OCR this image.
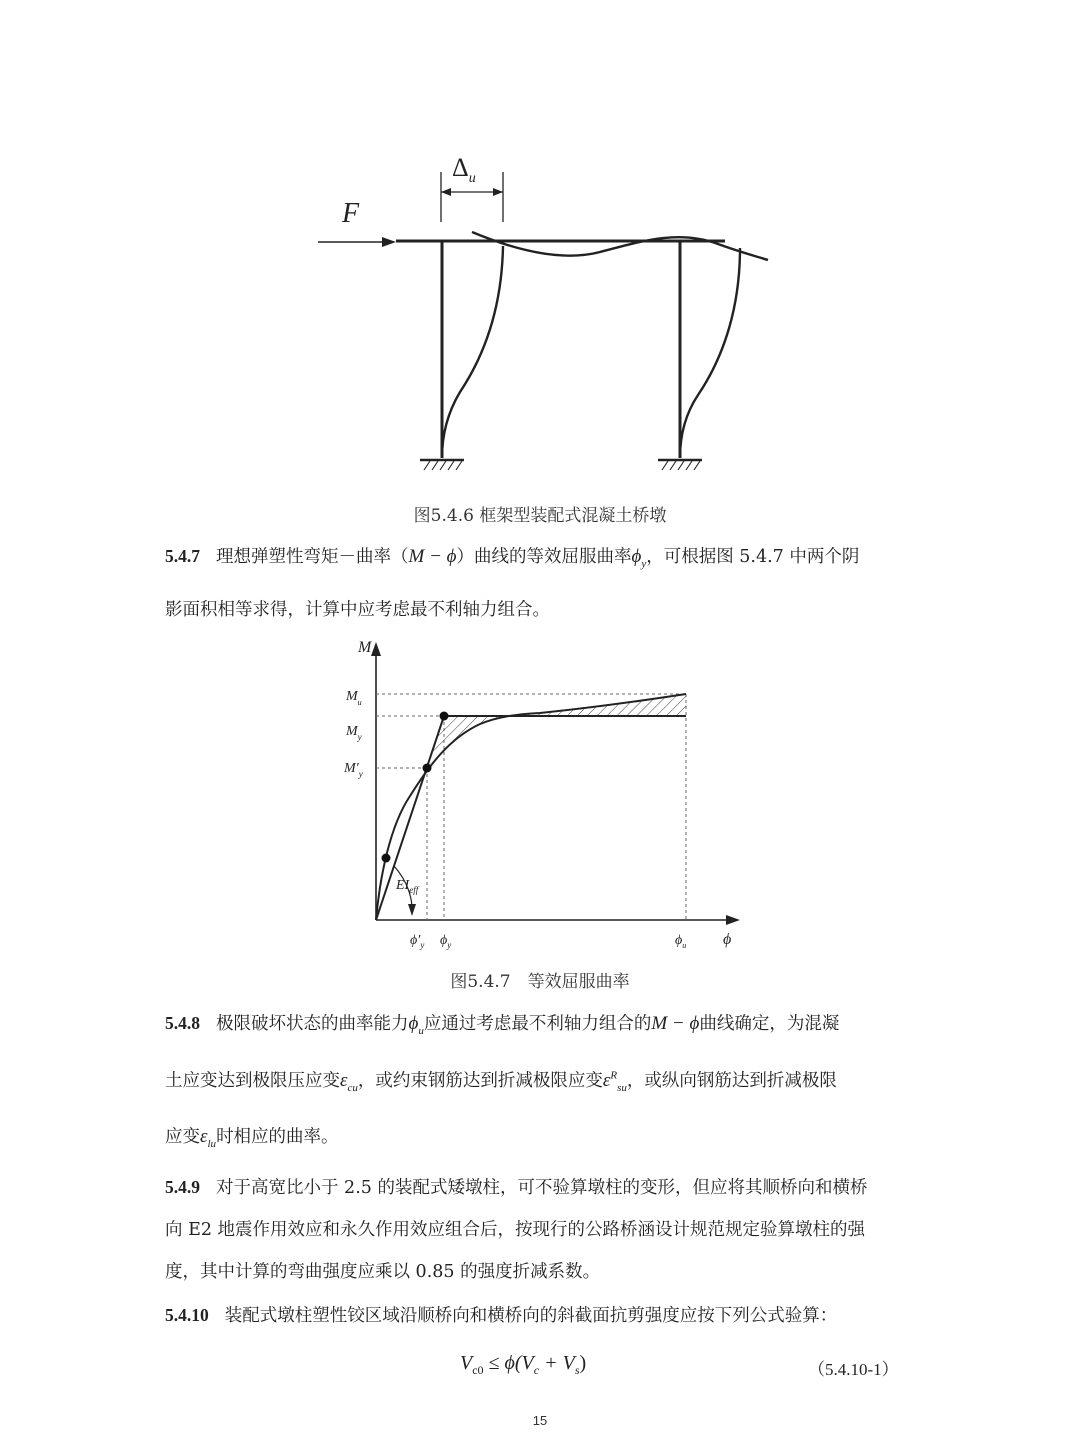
$\Delta_u$
F
图5.4.6 框架型装配式混凝土桥墩
5.4.7 理想弹塑性弯矩－曲率（M − ϕ）曲线的等效屈服曲率$\phi_y$，可根据图 5.4.7 中两个阴
影面积相等求得，计算中应考虑最不利轴力组合。
M
ϕ
$EI_{eff}$
$M_u$
$M_y$
$M'_y$
$\phi'_y$ $\phi_y$	$\phi_u$
图5.4.7　等效屈服曲率
5.4.8 极限破坏状态的曲率能力$\phi_u$应通过考虑最不利轴力组合的M − ϕ曲线确定，为混凝
土应变达到极限压应变$\varepsilon_{cu}$，或约束钢筋达到折减极限应变$\varepsilon^R_{su}$，或纵向钢筋达到折减极限
应变$\varepsilon_{lu}$时相应的曲率。
5.4.9 对于高宽比小于 2.5 的装配式矮墩柱，可不验算墩柱的变形，但应将其顺桥向和横桥
向 E2 地震作用效应和永久作用效应组合后，按现行的公路桥涵设计规范规定验算墩柱的强
度，其中计算的弯曲强度应乘以 0.85 的强度折减系数。
5.4.10 装配式墩柱塑性铰区域沿顺桥向和横桥向的斜截面抗剪强度应按下列公式验算：
$V_{c0} \le \phi(V_c + V_s)$	（5.4.10-1）
15
